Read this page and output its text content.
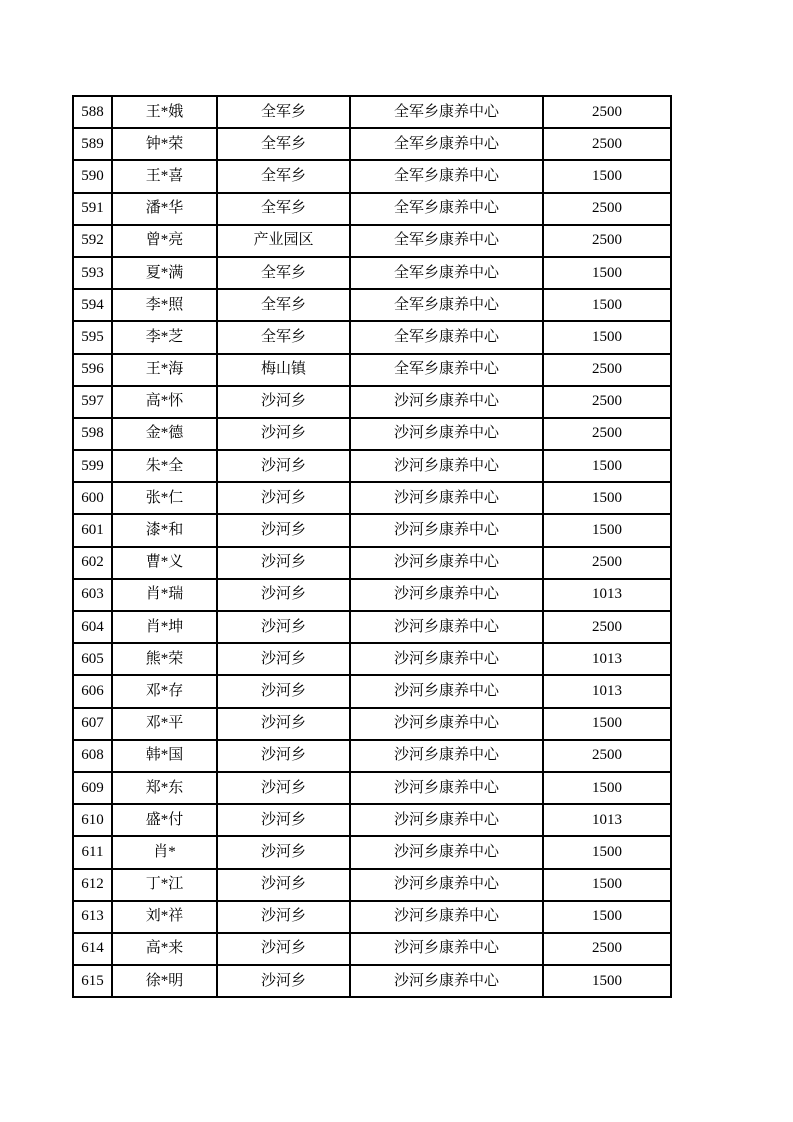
588	王*娥	全军乡	全军乡康养中心	2500
589	钟*荣	全军乡	全军乡康养中心	2500
590	王*喜	全军乡	全军乡康养中心	1500
591	潘*华	全军乡	全军乡康养中心	2500
592	曾*亮	产业园区	全军乡康养中心	2500
593	夏*满	全军乡	全军乡康养中心	1500
594	李*照	全军乡	全军乡康养中心	1500
595	李*芝	全军乡	全军乡康养中心	1500
596	王*海	梅山镇	全军乡康养中心	2500
597	高*怀	沙河乡	沙河乡康养中心	2500
598	金*德	沙河乡	沙河乡康养中心	2500
599	朱*全	沙河乡	沙河乡康养中心	1500
600	张*仁	沙河乡	沙河乡康养中心	1500
601	漆*和	沙河乡	沙河乡康养中心	1500
602	曹*义	沙河乡	沙河乡康养中心	2500
603	肖*瑞	沙河乡	沙河乡康养中心	1013
604	肖*坤	沙河乡	沙河乡康养中心	2500
605	熊*荣	沙河乡	沙河乡康养中心	1013
606	邓*存	沙河乡	沙河乡康养中心	1013
607	邓*平	沙河乡	沙河乡康养中心	1500
608	韩*国	沙河乡	沙河乡康养中心	2500
609	郑*东	沙河乡	沙河乡康养中心	1500
610	盛*付	沙河乡	沙河乡康养中心	1013
611	肖*	沙河乡	沙河乡康养中心	1500
612	丁*江	沙河乡	沙河乡康养中心	1500
613	刘*祥	沙河乡	沙河乡康养中心	1500
614	高*来	沙河乡	沙河乡康养中心	2500
615	徐*明	沙河乡	沙河乡康养中心	1500
